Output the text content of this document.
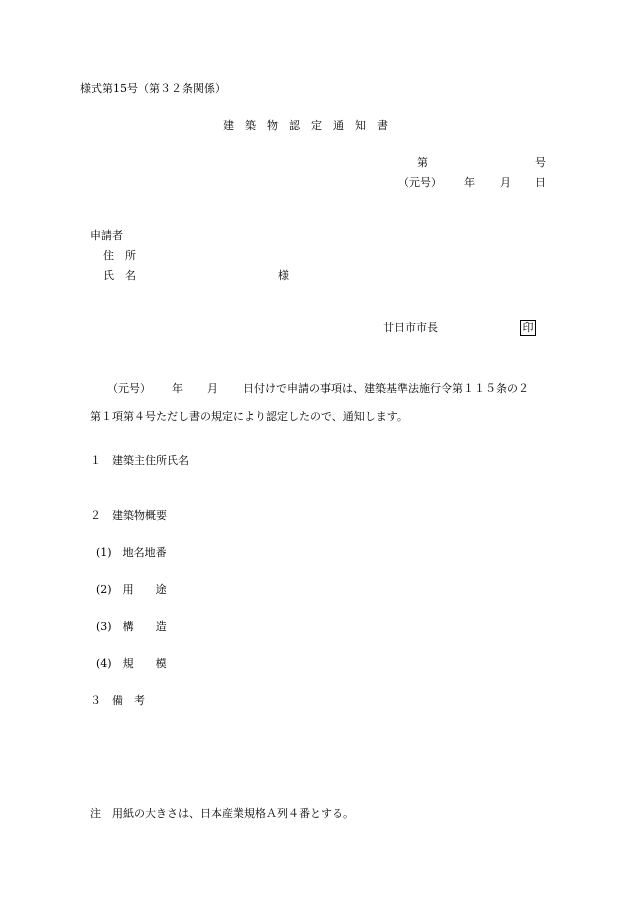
様式第15号（第３２条関係）
建　築　物　認　定　通　知　書
第	号
（元号） 年 月 日
申請者
住　所
氏　名	様
廿日市市長	印
（元号） 年 月 日付けで申請の事項は、建築基準法施行令第１１５条の２
第１項第４号ただし書の規定により認定したので、通知します。
１　建築主住所氏名
２　建築物概要
(1)　地名地番
(2)　用　　途
(3)　構　　造
(4)　規　　模
３　備　考
注　用紙の大きさは、日本産業規格Ａ列４番とする。
